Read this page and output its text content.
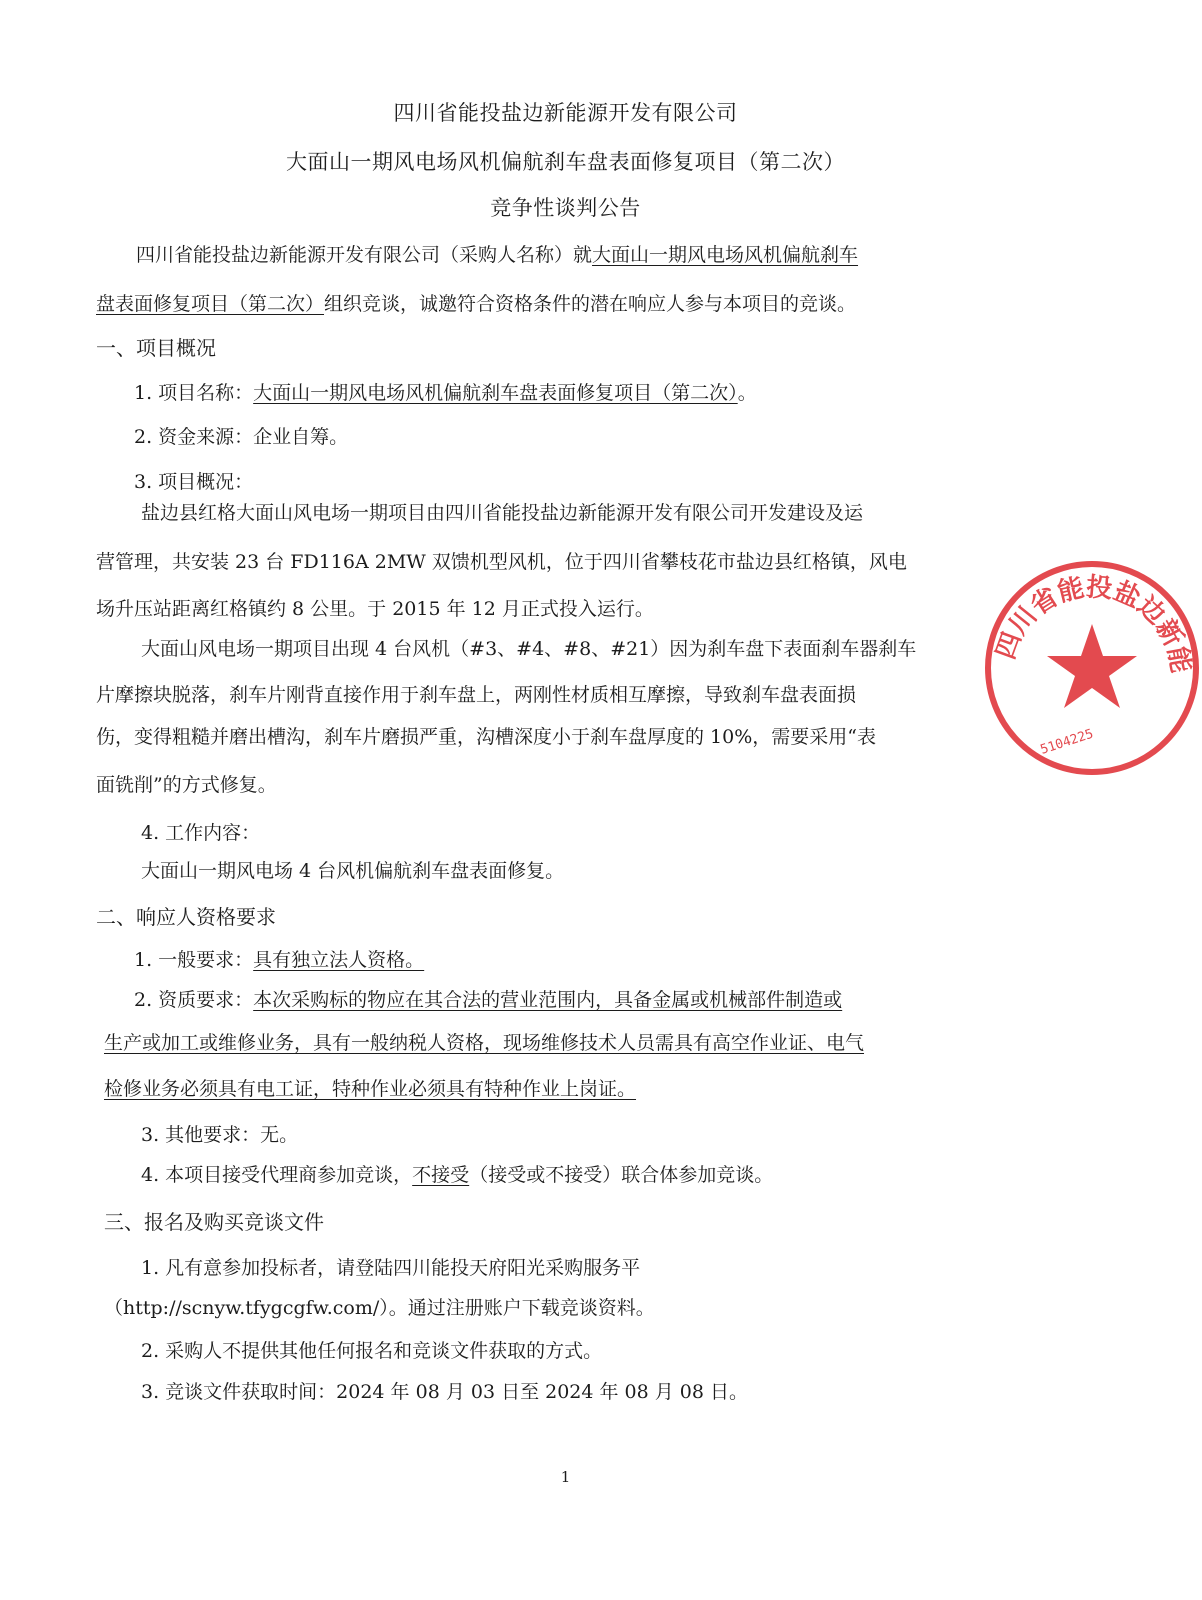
四川省能投盐边新能源开发有限公司
大面山一期风电场风机偏航刹车盘表面修复项目（第二次）
竞争性谈判公告

四川省能投盐边新能源开发有限公司（采购人名称）就大面山一期风电场风机偏航刹车

盘表面修复项目（第二次）组织竞谈，诚邀符合资格条件的潜在响应人参与本项目的竞谈。

一、项目概况

1. 项目名称：大面山一期风电场风机偏航刹车盘表面修复项目（第二次）。

2. 资金来源：企业自筹。

3. 项目概况：

盐边县红格大面山风电场一期项目由四川省能投盐边新能源开发有限公司开发建设及运

营管理，共安装 23 台 FD116A 2MW 双馈机型风机，位于四川省攀枝花市盐边县红格镇，风电

场升压站距离红格镇约 8 公里。于 2015 年 12 月正式投入运行。

大面山风电场一期项目出现 4 台风机（#3、#4、#8、#21）因为刹车盘下表面刹车器刹车

片摩擦块脱落，刹车片刚背直接作用于刹车盘上，两刚性材质相互摩擦，导致刹车盘表面损

伤，变得粗糙并磨出槽沟，刹车片磨损严重，沟槽深度小于刹车盘厚度的 10%，需要采用“表

面铣削”的方式修复。

4. 工作内容：

大面山一期风电场 4 台风机偏航刹车盘表面修复。

二、响应人资格要求

1. 一般要求：具有独立法人资格。

2. 资质要求：本次采购标的物应在其合法的营业范围内，具备金属或机械部件制造或

生产或加工或维修业务，具有一般纳税人资格，现场维修技术人员需具有高空作业证、电气

检修业务必须具有电工证，特种作业必须具有特种作业上岗证。

3. 其他要求：无。

4. 本项目接受代理商参加竞谈，不接受（接受或不接受）联合体参加竞谈。

三、报名及购买竞谈文件

1. 凡有意参加投标者，请登陆四川能投天府阳光采购服务平

（http://scnyw.tfygcgfw.com/）。通过注册账户下载竞谈资料。

2. 采购人不提供其他任何报名和竞谈文件获取的方式。

3. 竞谈文件获取时间：2024 年 08 月 03 日至 2024 年 08 月 08 日。

1
四川省能投盐边新能
5104225
